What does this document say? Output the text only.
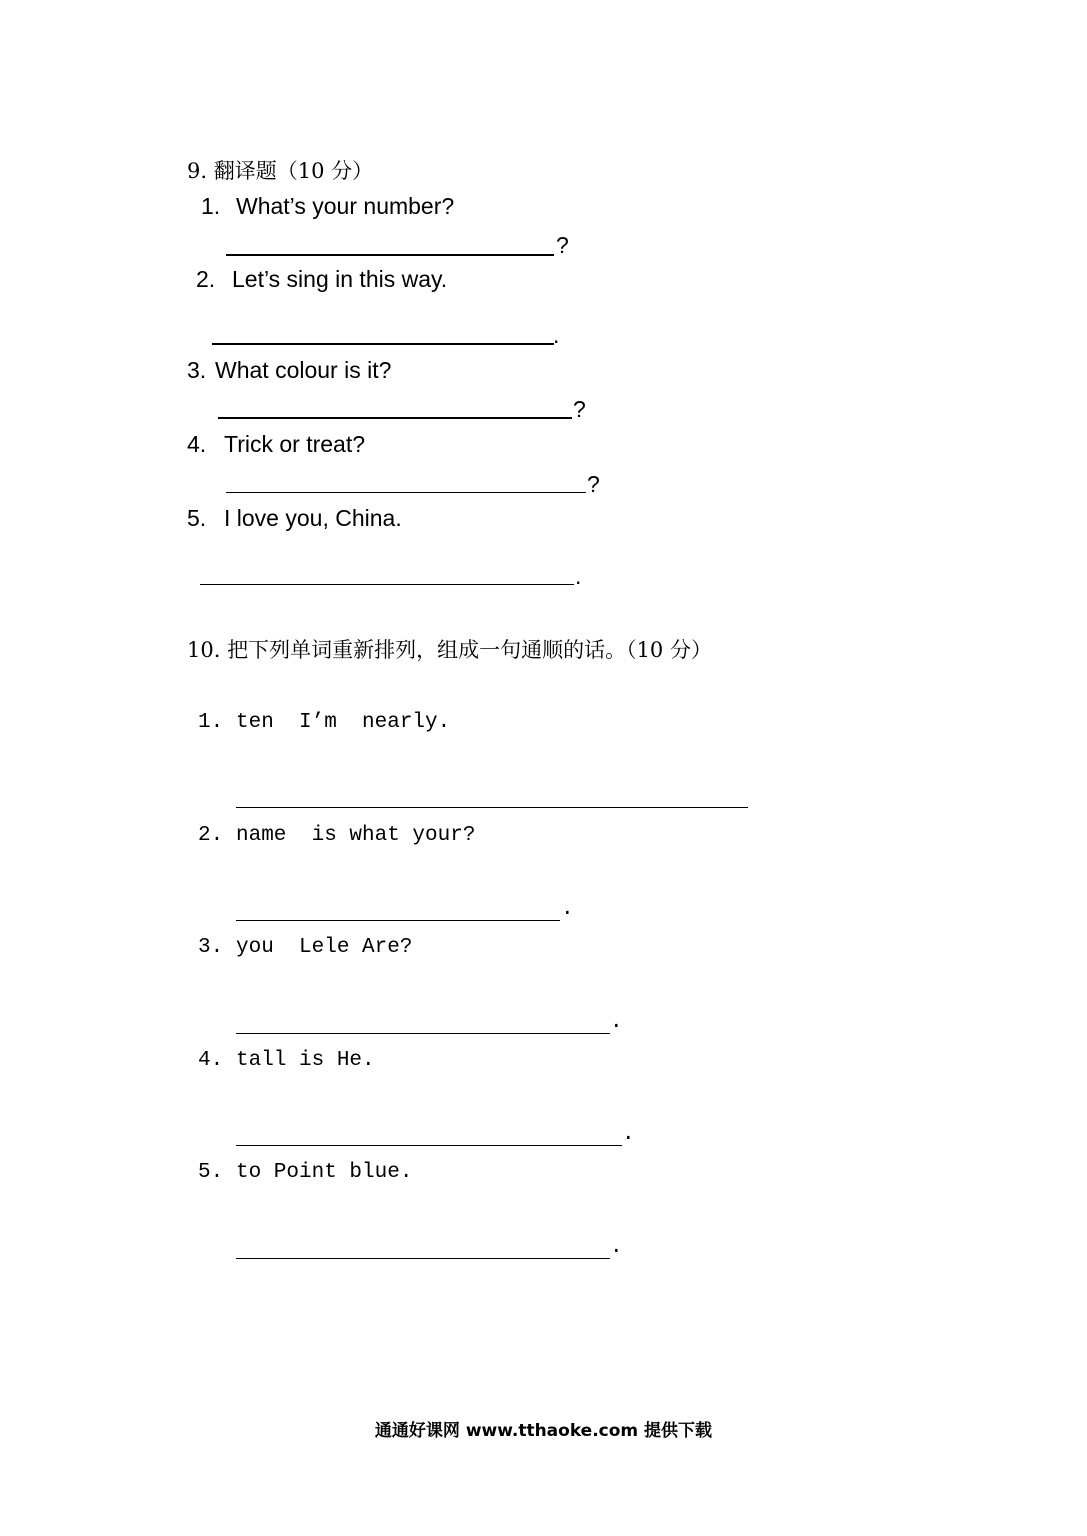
9. 翻译题（10 分）
1. What’s your number?
?
2. Let’s sing in this way.
.
3. What colour is it?
?
4. Trick or treat?
?
5. I love you, China.
.
10. 把下列单词重新排列，组成一句通顺的话。（10 分）
1. ten  I’m  nearly.
2. name  is what your?
.
3. you  Lele Are?
.
4. tall is He.
.
5. to Point blue.
.
通通好课网 www.tthaoke.com 提供下载
